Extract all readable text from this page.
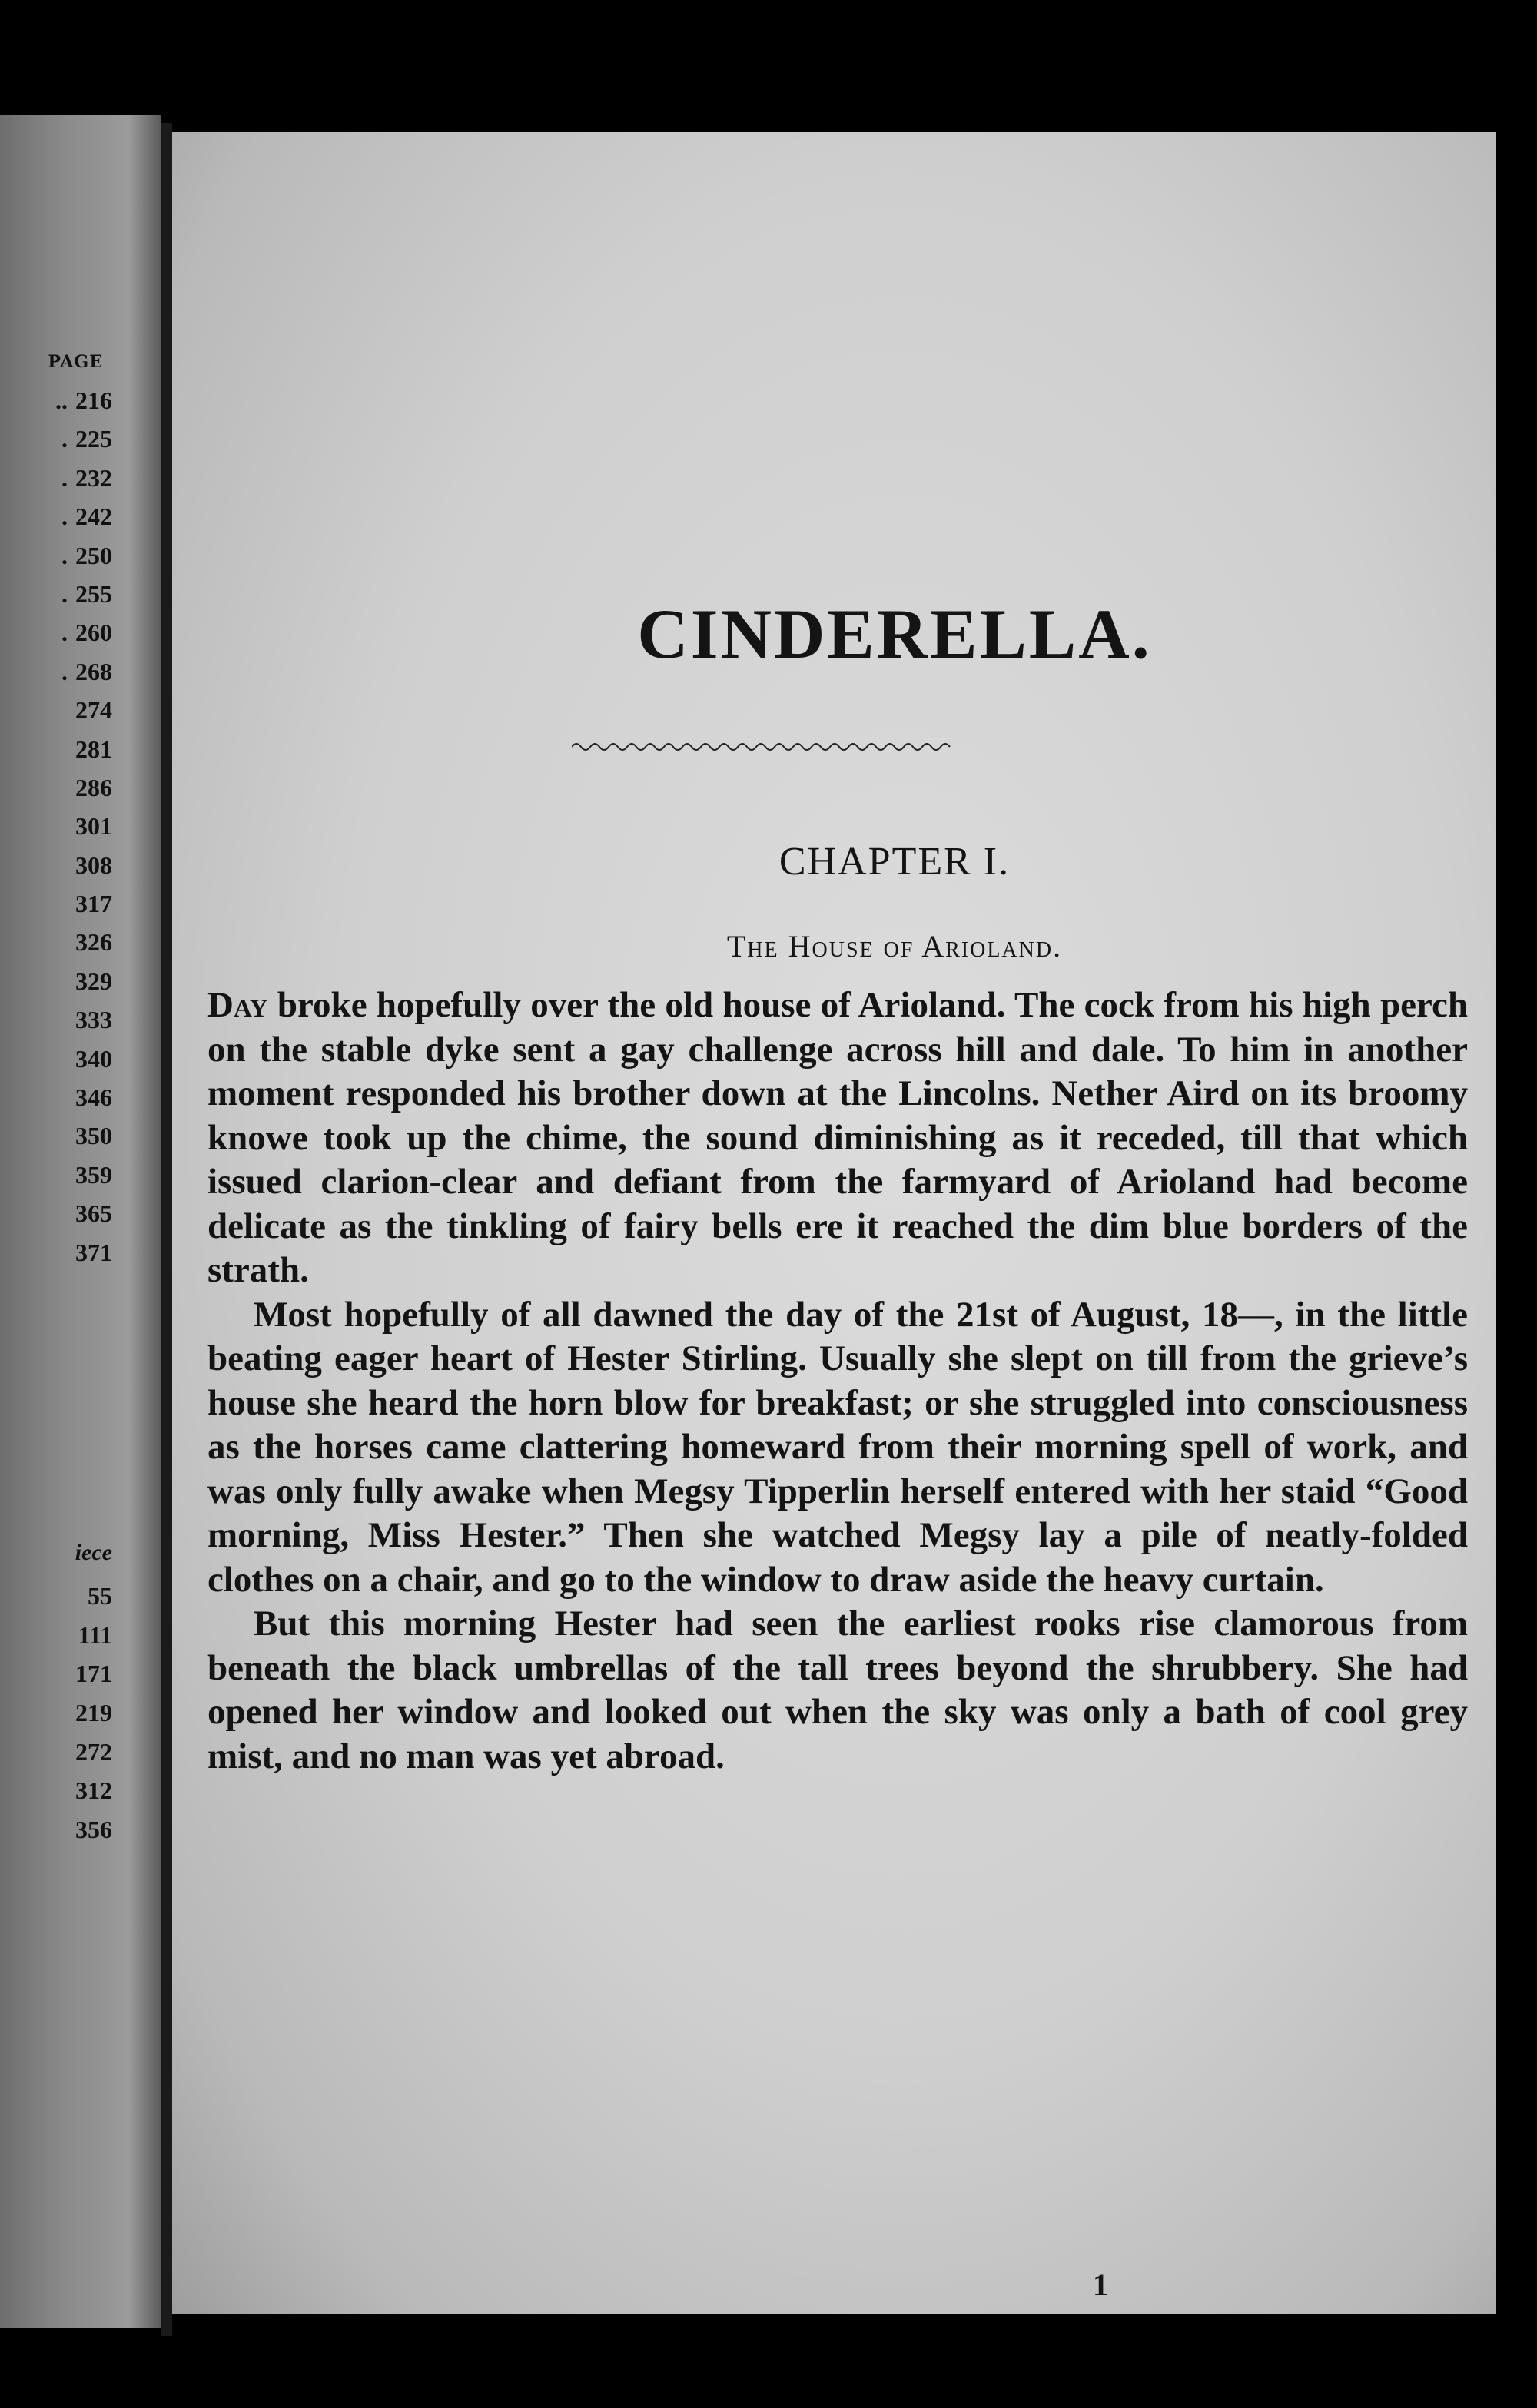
PAGE
.. 216
. 225
. 232
. 242
. 250
. 255
. 260
. 268
274
281
286
301
308
317
326
329
333
340
346
350
359
365
371
iece
55
111
171
219
272
312
356
CINDERELLA.
CHAPTER I.
The House of Arioland.

Day broke hopefully over the old house of Arioland. The cock from his high perch on the stable dyke sent a gay challenge across hill and dale. To him in another moment responded his brother down at the Lincolns. Nether Aird on its broomy knowe took up the chime, the sound diminishing as it receded, till that which issued clarion-clear and defiant from the farmyard of Arioland had become delicate as the tinkling of fairy bells ere it reached the dim blue borders of the strath.

Most hopefully of all dawned the day of the 21st of August, 18—, in the little beating eager heart of Hester Stirling. Usually she slept on till from the grieve’s house she heard the horn blow for breakfast; or she struggled into consciousness as the horses came clattering homeward from their morning spell of work, and was only fully awake when Megsy Tipperlin herself entered with her staid “Good morning, Miss Hester.” Then she watched Megsy lay a pile of neatly-folded clothes on a chair, and go to the window to draw aside the heavy curtain.

But this morning Hester had seen the earliest rooks rise clamorous from beneath the black umbrellas of the tall trees beyond the shrubbery. She had opened her window and looked out when the sky was only a bath of cool grey mist, and no man was yet abroad.

1
